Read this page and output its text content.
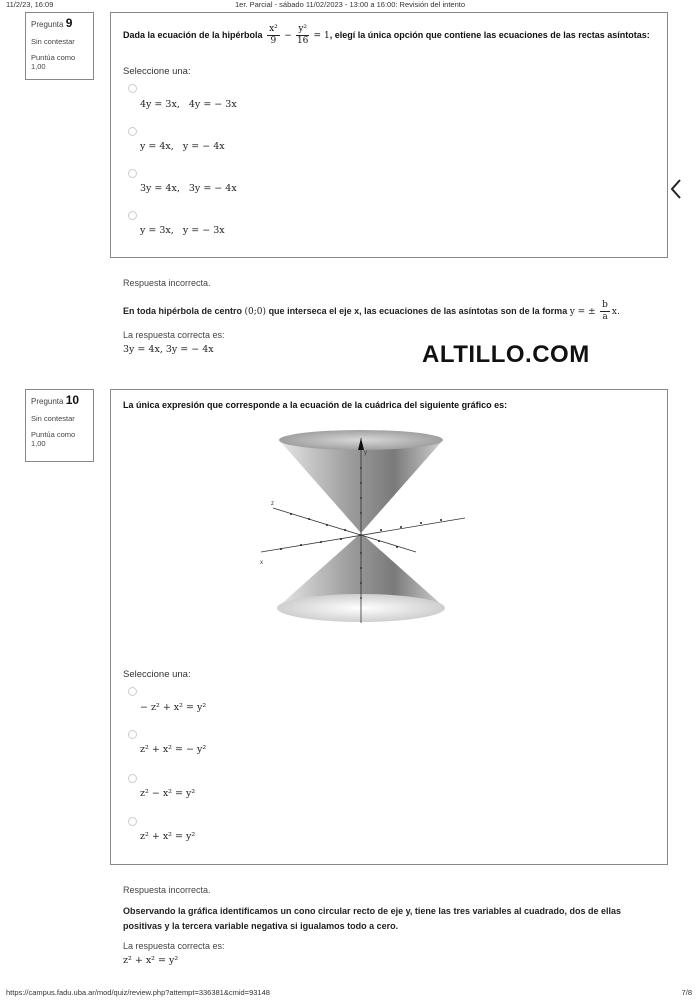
11/2/23, 16:09	1er. Parcial - sábado 11/02/2023 - 13:00 a 16:00: Revisión del intento
Pregunta 9
Sin contestar
Puntúa como
1,00
Dada la ecuación de la hipérbola $\frac{\text{x²}}{9} - \frac{\text{y²}}{16} = 1$, elegí la única opción que contiene las ecuaciones de las rectas asíntotas:
Seleccione una:
4y = 3x,   4y = − 3x
y = 4x,   y = − 4x
3y = 4x,   3y = − 4x
y = 3x,   y = − 3x
Respuesta incorrecta.
En toda hipérbola de centro (0;0) que interseca el eje x, las ecuaciones de las asíntotas son de la forma y = ± $\frac{b}{a} x$.
La respuesta correcta es:
3y = 4x, 3y = − 4x	ALTILLO.COM
Pregunta 10
Sin contestar
Puntúa como
1,00
La única expresión que corresponde a la ecuación de la cuádrica del siguiente gráfico es:
y
z
x
Seleccione una:
− z² + x² = y²
z² + x² = − y²
z² − x² = y²
z² + x² = y²
Respuesta incorrecta.
Observando la gráfica identificamos un cono circular recto de eje y, tiene las tres variables al cuadrado, dos de ellas
positivas y la tercera variable negativa si igualamos todo a cero.
La respuesta correcta es:
z² + x² = y²
https://campus.fadu.uba.ar/mod/quiz/review.php?attempt=336381&cmid=93148	7/8
